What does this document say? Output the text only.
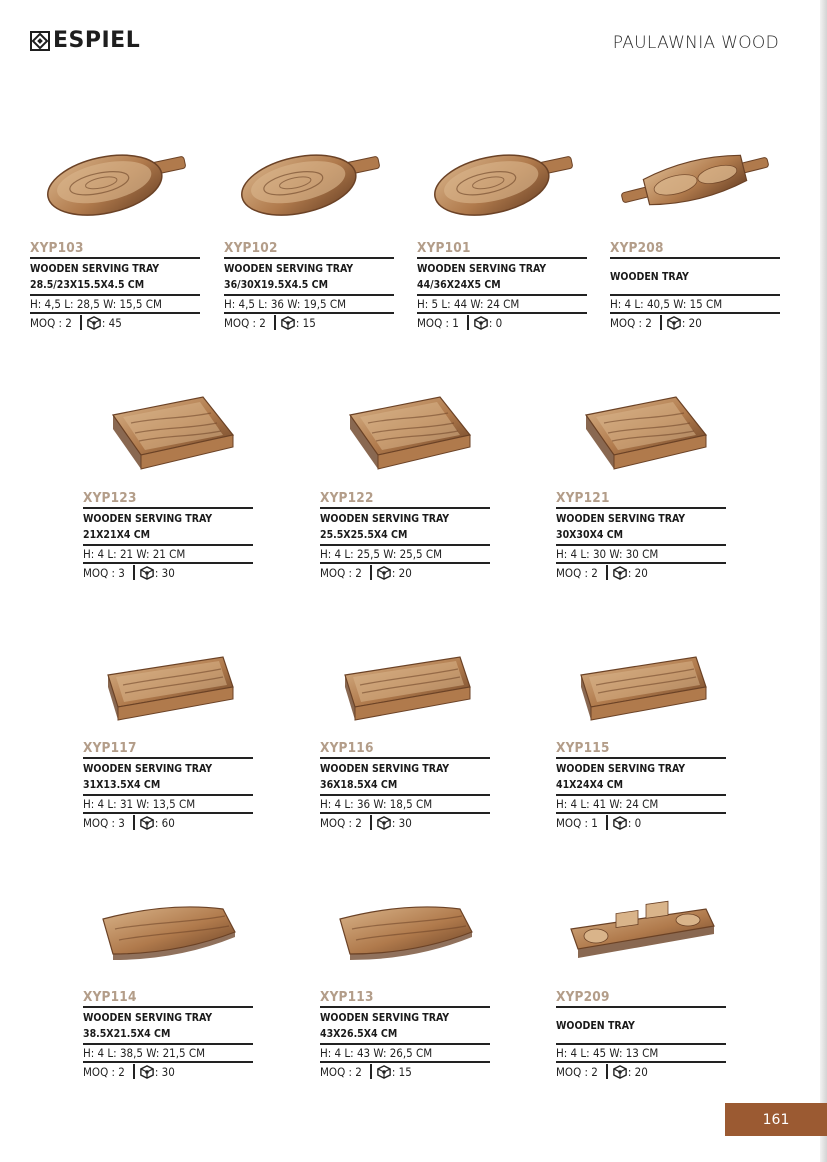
ESPIEL	PAULAWNIA WOOD
XYP103
WOODEN SERVING TRAY
28.5/23X15.5X4.5 CM
H: 4,5 L: 28,5 W: 15,5 CM
MOQ : 2	: 45
XYP102
WOODEN SERVING TRAY
36/30X19.5X4.5 CM
H: 4,5 L: 36 W: 19,5 CM
MOQ : 2	: 15
XYP101
WOODEN SERVING TRAY
44/36X24X5 CM
H: 5 L: 44 W: 24 CM
MOQ : 1	: 0
XYP208
WOODEN TRAY
H: 4 L: 40,5 W: 15 CM
MOQ : 2	: 20
XYP123
WOODEN SERVING TRAY
21X21X4 CM
H: 4 L: 21 W: 21 CM
MOQ : 3	: 30
XYP122
WOODEN SERVING TRAY
25.5X25.5X4 CM
H: 4 L: 25,5 W: 25,5 CM
MOQ : 2	: 20
XYP121
WOODEN SERVING TRAY
30X30X4 CM
H: 4 L: 30 W: 30 CM
MOQ : 2	: 20
XYP117
WOODEN SERVING TRAY
31X13.5X4 CM
H: 4 L: 31 W: 13,5 CM
MOQ : 3	: 60
XYP116
WOODEN SERVING TRAY
36X18.5X4 CM
H: 4 L: 36 W: 18,5 CM
MOQ : 2	: 30
XYP115
WOODEN SERVING TRAY
41X24X4 CM
H: 4 L: 41 W: 24 CM
MOQ : 1	: 0
XYP114
WOODEN SERVING TRAY
38.5X21.5X4 CM
H: 4 L: 38,5 W: 21,5 CM
MOQ : 2	: 30
XYP113
WOODEN SERVING TRAY
43X26.5X4 CM
H: 4 L: 43 W: 26,5 CM
MOQ : 2	: 15
XYP209
WOODEN TRAY
H: 4 L: 45 W: 13 CM
MOQ : 2	: 20
161
